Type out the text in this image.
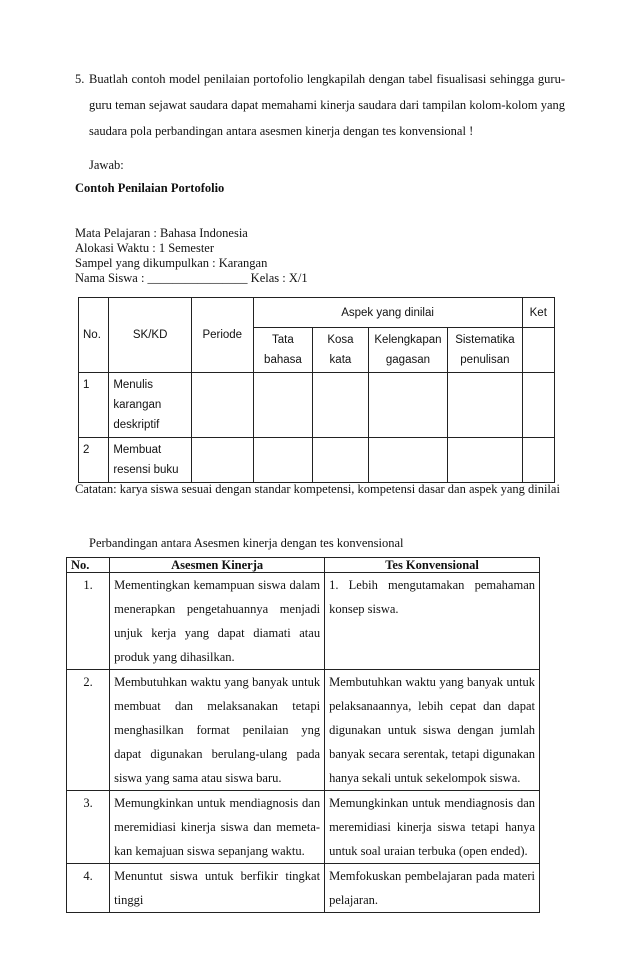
5. Buatlah contoh model penilaian portofolio lengkapilah dengan tabel fisualisasi sehingga guru-guru teman sejawat saudara dapat memahami kinerja saudara dari tampilan kolom-kolom yang saudara pola perbandingan antara asesmen kinerja dengan tes konvensional !
Jawab:
Contoh Penilaian Portofolio
Mata Pelajaran : Bahasa Indonesia
Alokasi Waktu : 1 Semester
Sampel yang dikumpulkan : Karangan
Nama Siswa : ________________ Kelas : X/1
No.	SK/KD	Periode	Aspek yang dinilai				Ket
			Tata bahasa	Kosa kata	Kelengkapan gagasan	Sistematika penulisan	
1	Menulis karangan deskriptif						
2	Membuat resensi buku						
Catatan: karya siswa sesuai dengan standar kompetensi, kompetensi dasar dan aspek yang dinilai
Perbandingan antara Asesmen kinerja dengan tes konvensional
No.	Asesmen Kinerja	Tes Konvensional
1.	Mementingkan kemampuan siswa dalam menerapkan pengetahuannya menjadi unjuk kerja yang dapat diamati atau produk yang dihasilkan.	1. Lebih mengutamakan pemahaman konsep siswa.
2.	Membutuhkan waktu yang banyak untuk membuat dan melaksanakan tetapi menghasilkan format penilaian yng dapat digunakan berulang-ulang pada siswa yang sama atau siswa baru.	Membutuhkan waktu yang banyak untuk pelaksanaannya, lebih cepat dan dapat digunakan untuk siswa dengan jumlah banyak secara serentak, tetapi digunakan hanya sekali untuk sekelompok siswa.
3.	Memungkinkan untuk mendiagnosis dan meremidiasi kinerja siswa dan memeta-kan kemajuan siswa sepanjang waktu.	Memungkinkan untuk mendiagnosis dan meremidiasi kinerja siswa tetapi hanya untuk soal uraian terbuka (open ended).
4.	Menuntut siswa untuk berfikir tingkat tinggi	Memfokuskan pembelajaran pada materi pelajaran.
